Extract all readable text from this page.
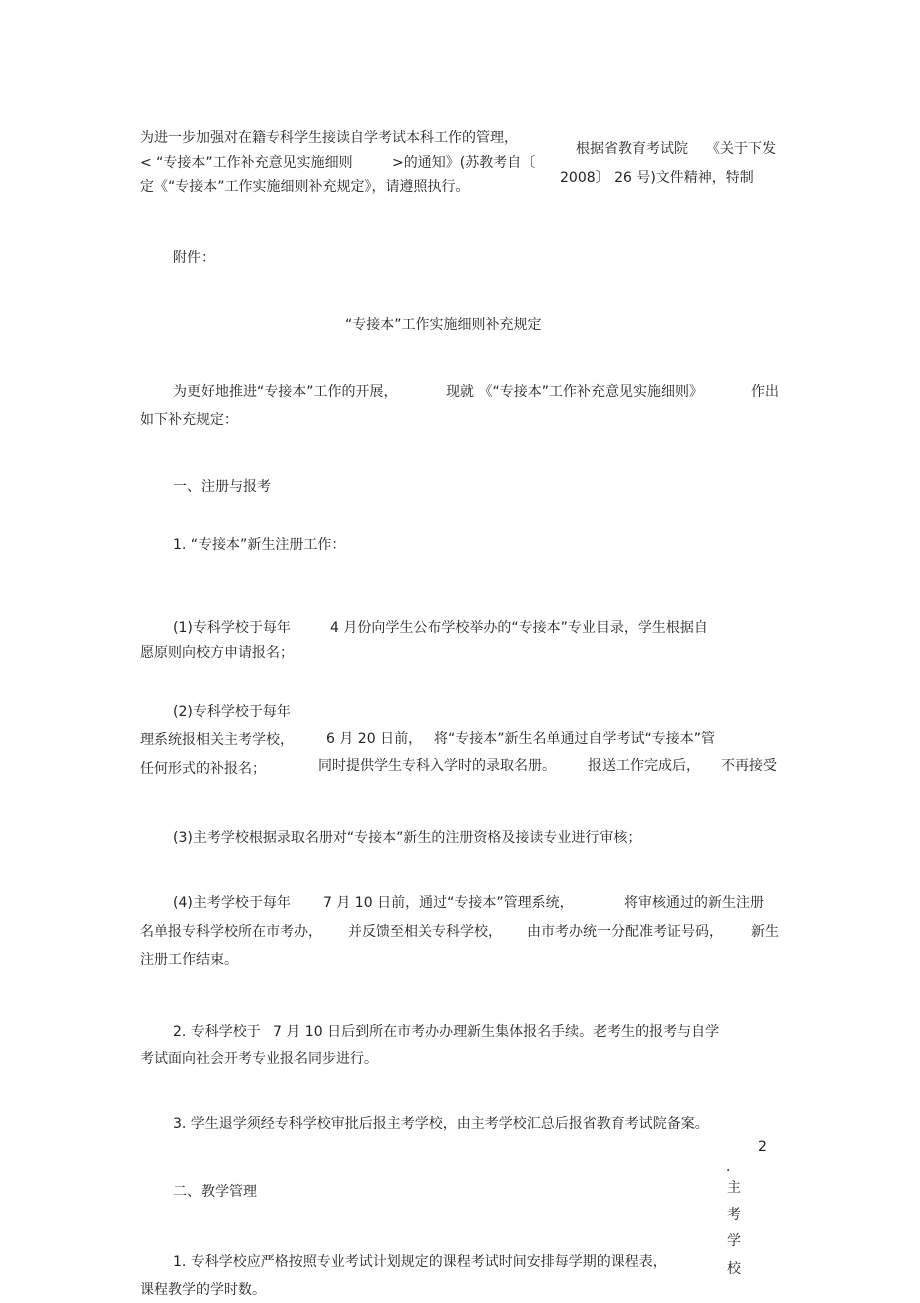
为进一步加强对在籍专科学生接读自学考试本科工作的管理，
< “专接本”工作补充意见实施细则	>的通知》(苏教考自〔
定《“专接本”工作实施细则补充规定》，请遵照执行。
根据省教育考试院 《关于下发
2008〕 26 号)文件精神，特制
附件：
“专接本”工作实施细则补充规定
为更好地推进“专接本”工作的开展，	现就 《“专接本”工作补充意见实施细则》	作出
如下补充规定：
一、注册与报考
1. “专接本”新生注册工作：
(1)专科学校于每年	4 月份向学生公布学校举办的“专接本”专业目录，学生根据自
愿原则向校方申请报名；
(2)专科学校于每年
理系统报相关主考学校， 6 月 20 日前， 将“专接本”新生名单通过自学考试“专接本”管
任何形式的补报名；	同时提供学生专科入学时的录取名册。 报送工作完成后， 不再接受
(3)主考学校根据录取名册对“专接本”新生的注册资格及接读专业进行审核；
(4)主考学校于每年 7 月 10 日前，通过“专接本”管理系统，	将审核通过的新生注册
名单报专科学校所在市考办， 并反馈至相关专科学校， 由市考办统一分配准考证号码， 新生
注册工作结束。
2. 专科学校于 7 月 10 日后到所在市考办办理新生集体报名手续。老考生的报考与自学
考试面向社会开考专业报名同步进行。
3. 学生退学须经专科学校审批后报主考学校，由主考学校汇总后报省教育考试院备案。
二、教学管理
1. 专科学校应严格按照专业考试计划规定的课程考试时间安排每学期的课程表，
课程教学的学时数。
2
．
主
考
学
校
